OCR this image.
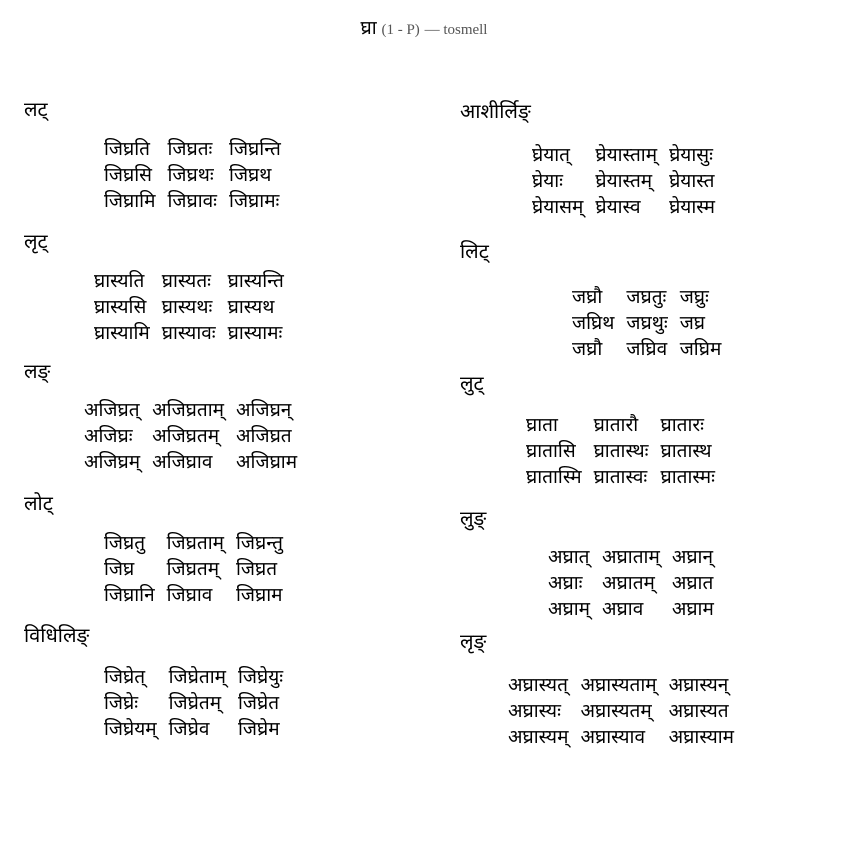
घ्रा (1 - P) — tosmell
लट्
जिघ्रति	जिघ्रतः	जिघ्रन्ति
जिघ्रसि	जिघ्रथः	जिघ्रथ
जिघ्रामि	जिघ्रावः	जिघ्रामः
लृट्
घ्रास्यति	घ्रास्यतः	घ्रास्यन्ति
घ्रास्यसि	घ्रास्यथः	घ्रास्यथ
घ्रास्यामि	घ्रास्यावः	घ्रास्यामः
लङ्
अजिघ्रत्	अजिघ्रताम्	अजिघ्रन्
अजिघ्रः	अजिघ्रतम्	अजिघ्रत
अजिघ्रम्	अजिघ्राव	अजिघ्राम
लोट्
जिघ्रतु	जिघ्रताम्	जिघ्रन्तु
जिघ्र	जिघ्रतम्	जिघ्रत
जिघ्रानि	जिघ्राव	जिघ्राम
विधिलिङ्
जिघ्रेत्	जिघ्रेताम्	जिघ्रेयुः
जिघ्रेः	जिघ्रेतम्	जिघ्रेत
जिघ्रेयम्	जिघ्रेव	जिघ्रेम
आशीर्लिङ्
घ्रेयात्	घ्रेयास्ताम्	घ्रेयासुः
घ्रेयाः	घ्रेयास्तम्	घ्रेयास्त
घ्रेयासम्	घ्रेयास्व	घ्रेयास्म
लिट्
जघ्रौ	जघ्रतुः	जघ्रुः
जघ्रिथ	जघ्रथुः	जघ्र
जघ्रौ	जघ्रिव	जघ्रिम
लुट्
घ्राता	घ्रातारौ	घ्रातारः
घ्रातासि	घ्रातास्थः	घ्रातास्थ
घ्रातास्मि	घ्रातास्वः	घ्रातास्मः
लुङ्
अघ्रात्	अघ्राताम्	अघ्रान्
अघ्राः	अघ्रातम्	अघ्रात
अघ्राम्	अघ्राव	अघ्राम
लृङ्
अघ्रास्यत्	अघ्रास्यताम्	अघ्रास्यन्
अघ्रास्यः	अघ्रास्यतम्	अघ्रास्यत
अघ्रास्यम्	अघ्रास्याव	अघ्रास्याम
